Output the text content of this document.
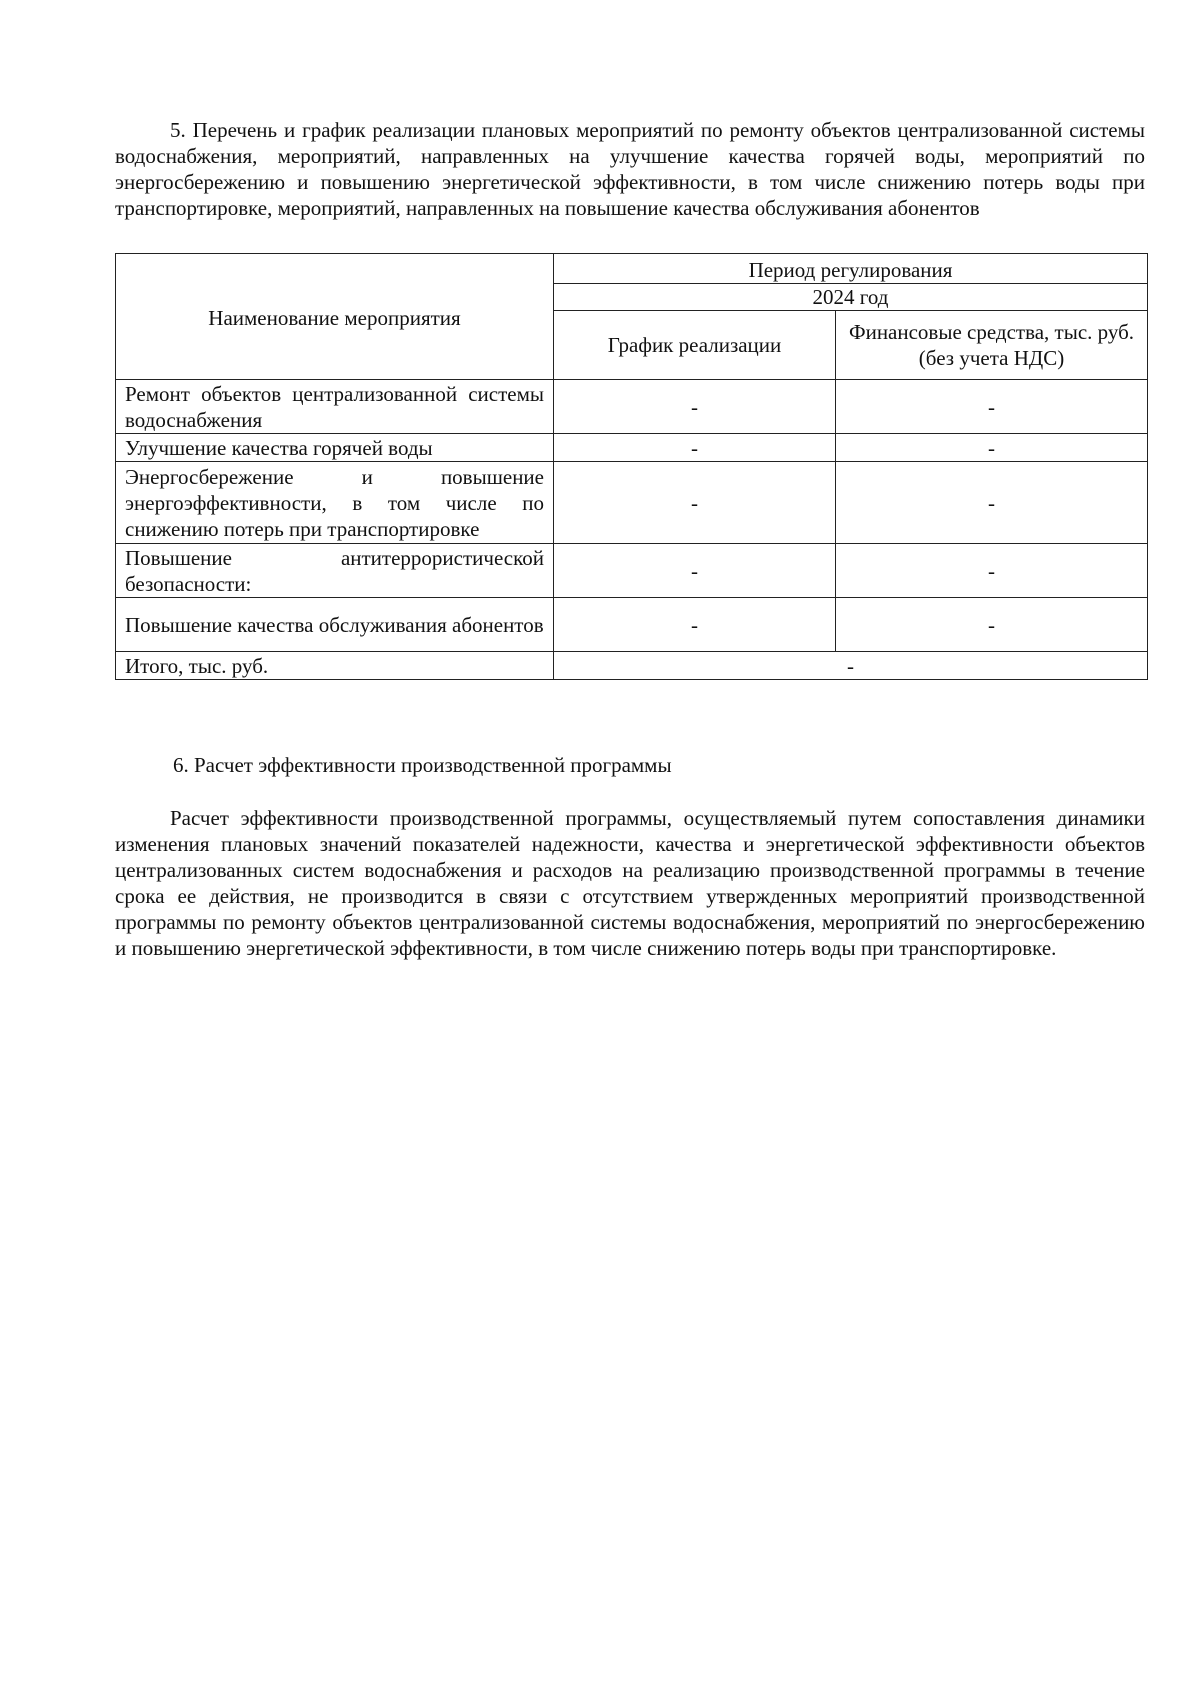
5. Перечень и график реализации плановых мероприятий по ремонту объектов централизованной системы водоснабжения, мероприятий, направленных на улучшение качества горячей воды, мероприятий по энергосбережению и повышению энергетической эффективности, в том числе снижению потерь воды при транспортировке, мероприятий, направленных на повышение качества обслуживания абонентов

Наименование мероприятия	Период регулирования	
	2024 год	
	График реализации	Финансовые средства, тыс. руб. (без учета НДС)
Ремонт объектов централизованной системы водоснабжения	-	-
Улучшение качества горячей воды	-	-
Энергосбережение и повышение энергоэффективности, в том числе по снижению потерь при транспортировке	-	-
Повышение антитеррористической безопасности:	-	-
Повышение качества обслуживания абонентов	-	-
Итого, тыс. руб.	-	

6. Расчет эффективности производственной программы

Расчет эффективности производственной программы, осуществляемый путем сопоставления динамики изменения плановых значений показателей надежности, качества и энергетической эффективности объектов централизованных систем водоснабжения и расходов на реализацию производственной программы в течение срока ее действия, не производится в связи с отсутствием утвержденных мероприятий производственной программы по ремонту объектов централизованной системы водоснабжения, мероприятий по энергосбережению и повышению энергетической эффективности, в том числе снижению потерь воды при транспортировке.
